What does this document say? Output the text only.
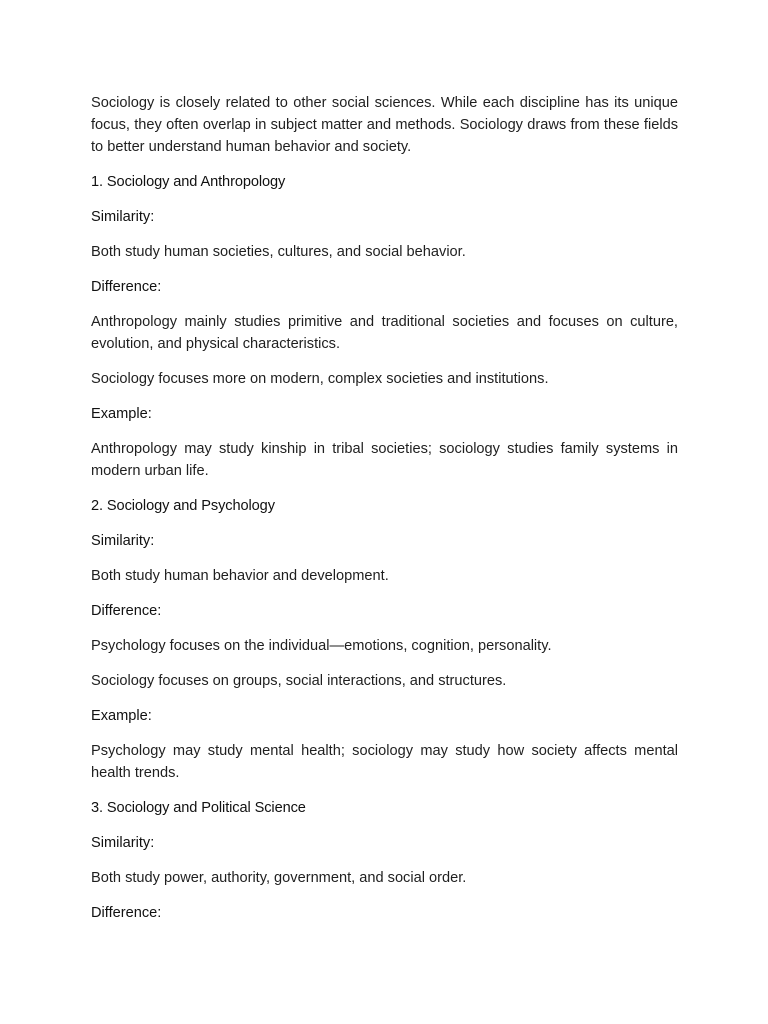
Sociology is closely related to other social sciences. While each discipline has its unique focus, they often overlap in subject matter and methods. Sociology draws from these fields to better understand human behavior and society.

1. Sociology and Anthropology

Similarity:

Both study human societies, cultures, and social behavior.

Difference:

Anthropology mainly studies primitive and traditional societies and focuses on culture, evolution, and physical characteristics.

Sociology focuses more on modern, complex societies and institutions.

Example:

Anthropology may study kinship in tribal societies; sociology studies family systems in modern urban life.

2. Sociology and Psychology

Similarity:

Both study human behavior and development.

Difference:

Psychology focuses on the individual—emotions, cognition, personality.

Sociology focuses on groups, social interactions, and structures.

Example:

Psychology may study mental health; sociology may study how society affects mental health trends.

3. Sociology and Political Science

Similarity:

Both study power, authority, government, and social order.

Difference:
